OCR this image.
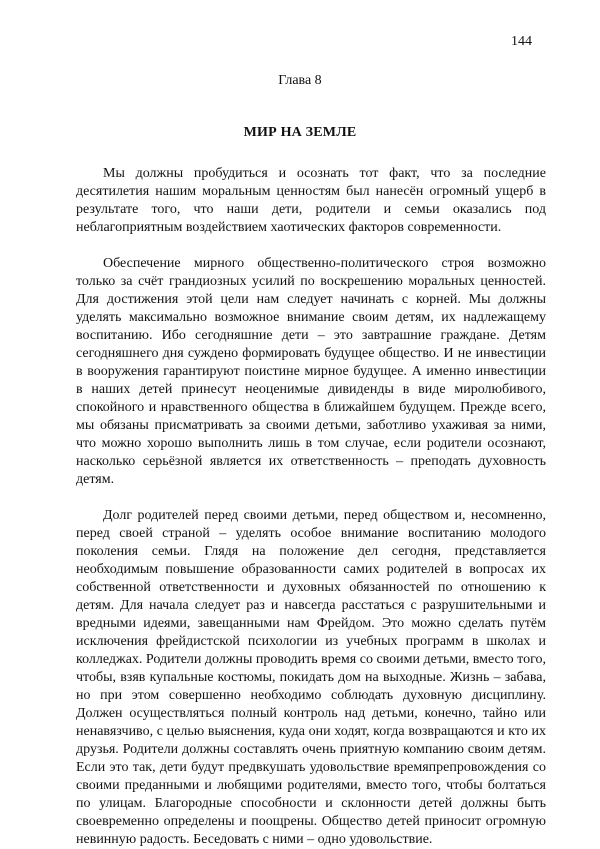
144
Глава 8
МИР НА ЗЕМЛЕ

Мы должны пробудиться и осознать тот факт, что за последние десятилетия нашим моральным ценностям был нанесён огромный ущерб в результате того, что наши дети, родители и семьи оказались под неблагоприятным воздействием хаотических факторов современности.

Обеспечение мирного общественно-политического строя возможно только за счёт грандиозных усилий по воскрешению моральных ценностей. Для достижения этой цели нам следует начинать с корней. Мы должны уделять максимально возможное внимание своим детям, их надлежащему воспитанию. Ибо сегодняшние дети – это завтрашние граждане. Детям сегодняшнего дня суждено формировать будущее общество. И не инвестиции в вооружения гарантируют поистине мирное будущее. А именно инвестиции в наших детей принесут неоценимые дивиденды в виде миролюбивого, спокойного и нравственного общества в ближайшем будущем. Прежде всего, мы обязаны присматривать за своими детьми, заботливо ухаживая за ними, что можно хорошо выполнить лишь в том случае, если родители осознают, насколько серьёзной является их ответственность – преподать духовность детям.

Долг родителей перед своими детьми, перед обществом и, несомненно, перед своей страной – уделять особое внимание воспитанию молодого поколения семьи. Глядя на положение дел сегодня, представляется необходимым повышение образованности самих родителей в вопросах их собственной ответственности и духовных обязанностей по отношению к детям. Для начала следует раз и навсегда расстаться с разрушительными и вредными идеями, завещанными нам Фрейдом. Это можно сделать путём исключения фрейдистской психологии из учебных программ в школах и колледжах. Родители должны проводить время со своими детьми, вместо того, чтобы, взяв купальные костюмы, покидать дом на выходные. Жизнь – забава, но при этом совершенно необходимо соблюдать духовную дисциплину. Должен осуществляться полный контроль над детьми, конечно, тайно или ненавязчиво, с целью выяснения, куда они ходят, когда возвращаются и кто их друзья. Родители должны составлять очень приятную компанию своим детям. Если это так, дети будут предвкушать удовольствие времяпрепровождения со своими преданными и любящими родителями, вместо того, чтобы болтаться по улицам. Благородные способности и склонности детей должны быть своевременно определены и поощрены. Общество детей приносит огромную невинную радость. Беседовать с ними – одно удовольствие.
